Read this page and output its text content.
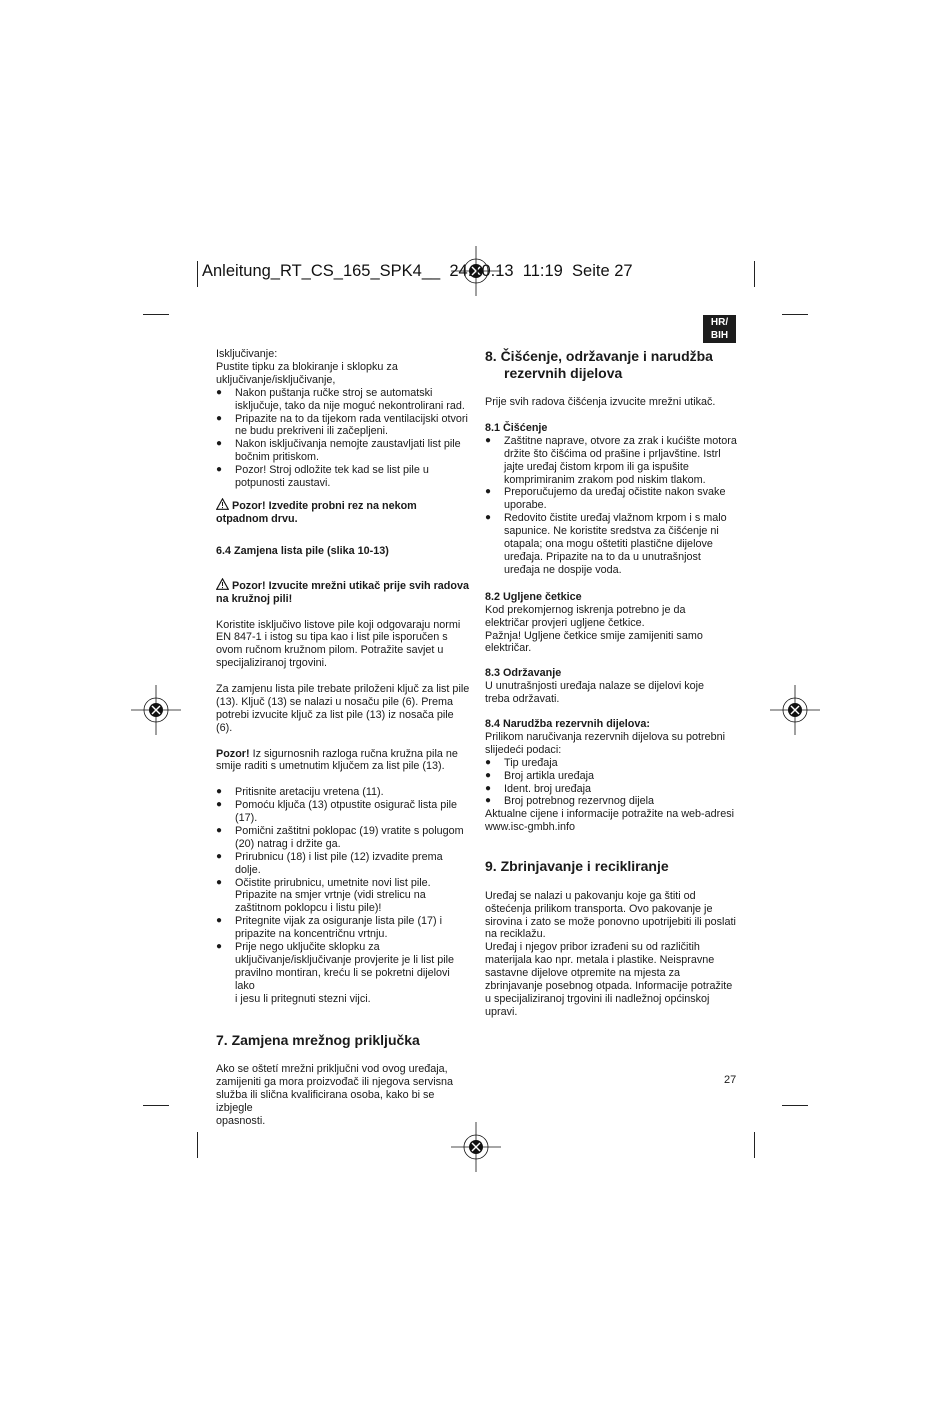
Anleitung_RT_CS_165_SPK4__ 24.10.13 11:19 Seite 27
HR/
BIH

Isključivanje:

Pustite tipku za blokiranje i sklopku za

uključivanje/isključivanje,

● Nakon puštanja ručke stroj se automatski

isključuje, tako da nije moguć nekontrolirani rad.

● Pripazite na to da tijekom rada ventilacijski otvori

ne budu prekriveni ili začepljeni.

● Nakon isključivanja nemojte zaustavljati list pile

bočnim pritiskom.

● Pozor! Stroj odložite tek kad se list pile u

potpunosti zaustavi.

Pozor! Izvedite probni rez na nekom

otpadnom drvu.

6.4 Zamjena lista pile (slika 10-13)

Pozor! Izvucite mrežni utikač prije svih radova

na kružnoj pili!

Koristite isključivo listove pile koji odgovaraju normi

EN 847-1 i istog su tipa kao i list pile isporučen s

ovom ručnom kružnom pilom. Potražite savjet u

specijaliziranoj trgovini.

Za zamjenu lista pile trebate priloženi ključ za list pile

(13). Ključ (13) se nalazi u nosaču pile (6). Prema

potrebi izvucite ključ za list pile (13) iz nosača pile (6).

Pozor! Iz sigurnosnih razloga ručna kružna pila ne

smije raditi s umetnutim ključem za list pile (13).

● Pritisnite aretaciju vretena (11).

● Pomoću ključa (13) otpustite osigurač lista pile

(17).

● Pomični zaštitni poklopac (19) vratite s polugom

(20) natrag i držite ga.

● Prirubnicu (18) i list pile (12) izvadite prema dolje.

● Očistite prirubnicu, umetnite novi list pile.

Pripazite na smjer vrtnje (vidi strelicu na

zaštitnom poklopcu i listu pile)!

● Pritegnite vijak za osiguranje lista pile (17) i

pripazite na koncentričnu vrtnju.

● Prije nego uključite sklopku za

uključivanje/isključivanje provjerite je li list pile

pravilno montiran, kreću li se pokretni dijelovi lako

i jesu li pritegnuti stezni vijci.

7. Zamjena mrežnog priključka

Ako se oštetí mrežni priključni vod ovog uređaja,

zamijeniti ga mora proizvođač ili njegova servisna

služba ili slična kvalificirana osoba, kako bi se izbjegle

opasnosti.

8. Čišćenje, održavanje i narudžba

rezervnih dijelova

Prije svih radova čišćenja izvucite mrežni utikač.

8.1 Čišćenje

● Zaštitne naprave, otvore za zrak i kućište motora

držite što čišćima od prašine i prljavštine. Istrl

jajte uređaj čistom krpom ili ga ispušite

komprimiranim zrakom pod niskim tlakom.

● Preporučujemo da uređaj očistite nakon svake

uporabe.

● Redovito čistite uređaj vlažnom krpom i s malo

sapunice. Ne koristite sredstva za čišćenje ni

otapala; ona mogu oštetiti plastične dijelove

uređaja. Pripazite na to da u unutrašnjost

uređaja ne dospije voda.

8.2 Ugljene četkice

Kod prekomjernog iskrenja potrebno je da

električar provjeri ugljene četkice.

Pažnja! Ugljene četkice smije zamijeniti samo

električar.

8.3 Održavanje

U unutrašnjosti uređaja nalaze se dijelovi koje

treba održavati.

8.4 Narudžba rezervnih dijelova:

Prilikom naručivanja rezervnih dijelova su potrebni

slijedeći podaci:

● Tip uređaja

● Broj artikla uređaja

● Ident. broj uređaja

● Broj potrebnog rezervnog dijela

Aktualne cijene i informacije potražite na web-adresi

www.isc-gmbh.info

9. Zbrinjavanje i recikliranje

Uređaj se nalazi u pakovanju koje ga štiti od

oštećenja prilikom transporta. Ovo pakovanje je

sirovina i zato se može ponovno upotrijebiti ili poslati

na reciklažu.

Uređaj i njegov pribor izrađeni su od različitih

materijala kao npr. metala i plastike. Neispravne

sastavne dijelove otpremite na mjesta za

zbrinjavanje posebnog otpada. Informacije potražite

u specijaliziranoj trgovini ili nadležnoj općinskoj

upravi.

27
